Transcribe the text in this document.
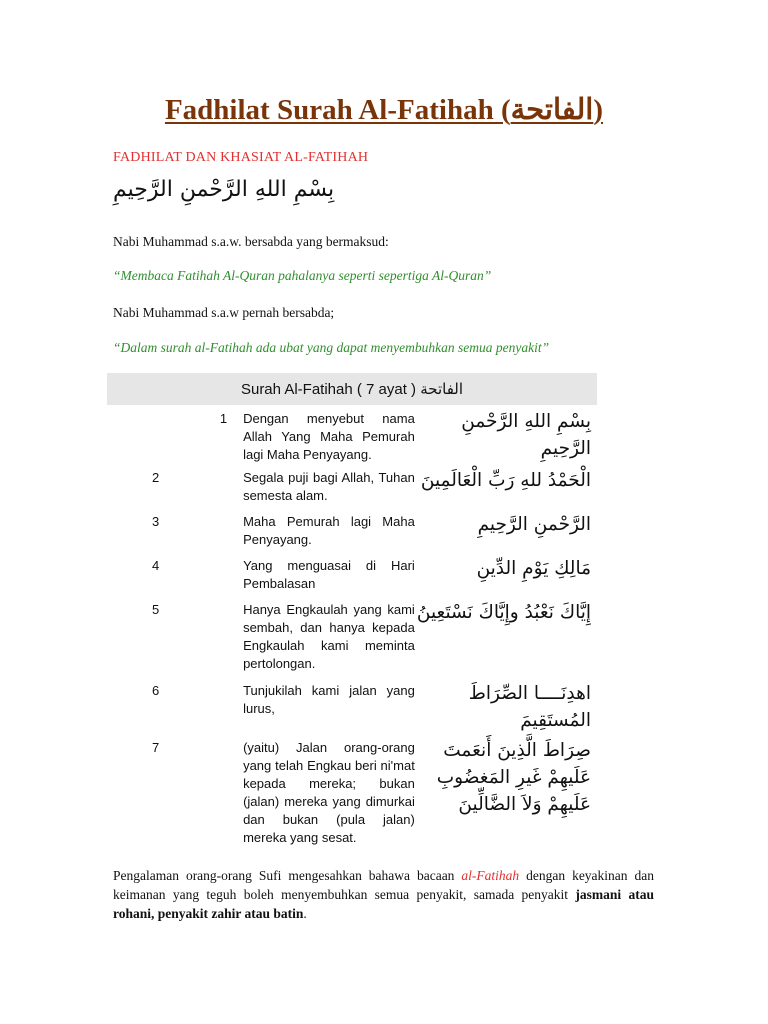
Fadhilat Surah Al-Fatihah (الفاتحة)

FADHILAT DAN KHASIAT AL-FATIHAH

بِسْمِ اللهِ الرَّحْمنِ الرَّحِيمِ

Nabi Muhammad s.a.w. bersabda yang bermaksud:

“Membaca Fatihah Al-Quran pahalanya seperti sepertiga Al-Quran”

Nabi Muhammad s.a.w pernah bersabda;

“Dalam surah al-Fatihah ada ubat yang dapat menyembuhkan semua penyakit”

Surah Al-Fatihah ( 7 ayat ) الفاتحة		
1	Dengan menyebut nama Allah Yang Maha Pemurah lagi Maha Penyayang.	بِسْمِ اللهِ الرَّحْمنِ الرَّحِيمِ
2	Segala puji bagi Allah, Tuhan semesta alam.	الْحَمْدُ للهِ رَبِّ الْعَالَمِينَ
3	Maha Pemurah lagi Maha Penyayang.	الرَّحْمنِ الرَّحِيمِ
4	Yang menguasai di Hari Pembalasan	مَالِكِ يَوْمِ الدِّينِ
5	Hanya Engkaulah yang kami sembah, dan hanya kepada Engkaulah kami meminta pertolongan.	إِيَّاكَ نَعْبُدُ وإِيَّاكَ نَسْتَعِينُ
6	Tunjukilah kami jalan yang lurus,	اهدِنَــــا الصِّرَاطَ المُستَقِيمَ
7	(yaitu) Jalan orang-orang yang telah Engkau beri ni'mat kepada mereka; bukan (jalan) mereka yang dimurkai dan bukan (pula jalan) mereka yang sesat.	صِرَاطَ الَّذِينَ أَنعَمتَ عَلَيهِمْ غَيرِ المَغضُوبِ عَلَيهِمْ وَلاَ الضَّالِّينَ

Pengalaman orang-orang Sufi mengesahkan bahawa bacaan al-Fatihah dengan keyakinan dan keimanan yang teguh boleh menyembuhkan semua penyakit, samada penyakit jasmani atau rohani, penyakit zahir atau batin.
